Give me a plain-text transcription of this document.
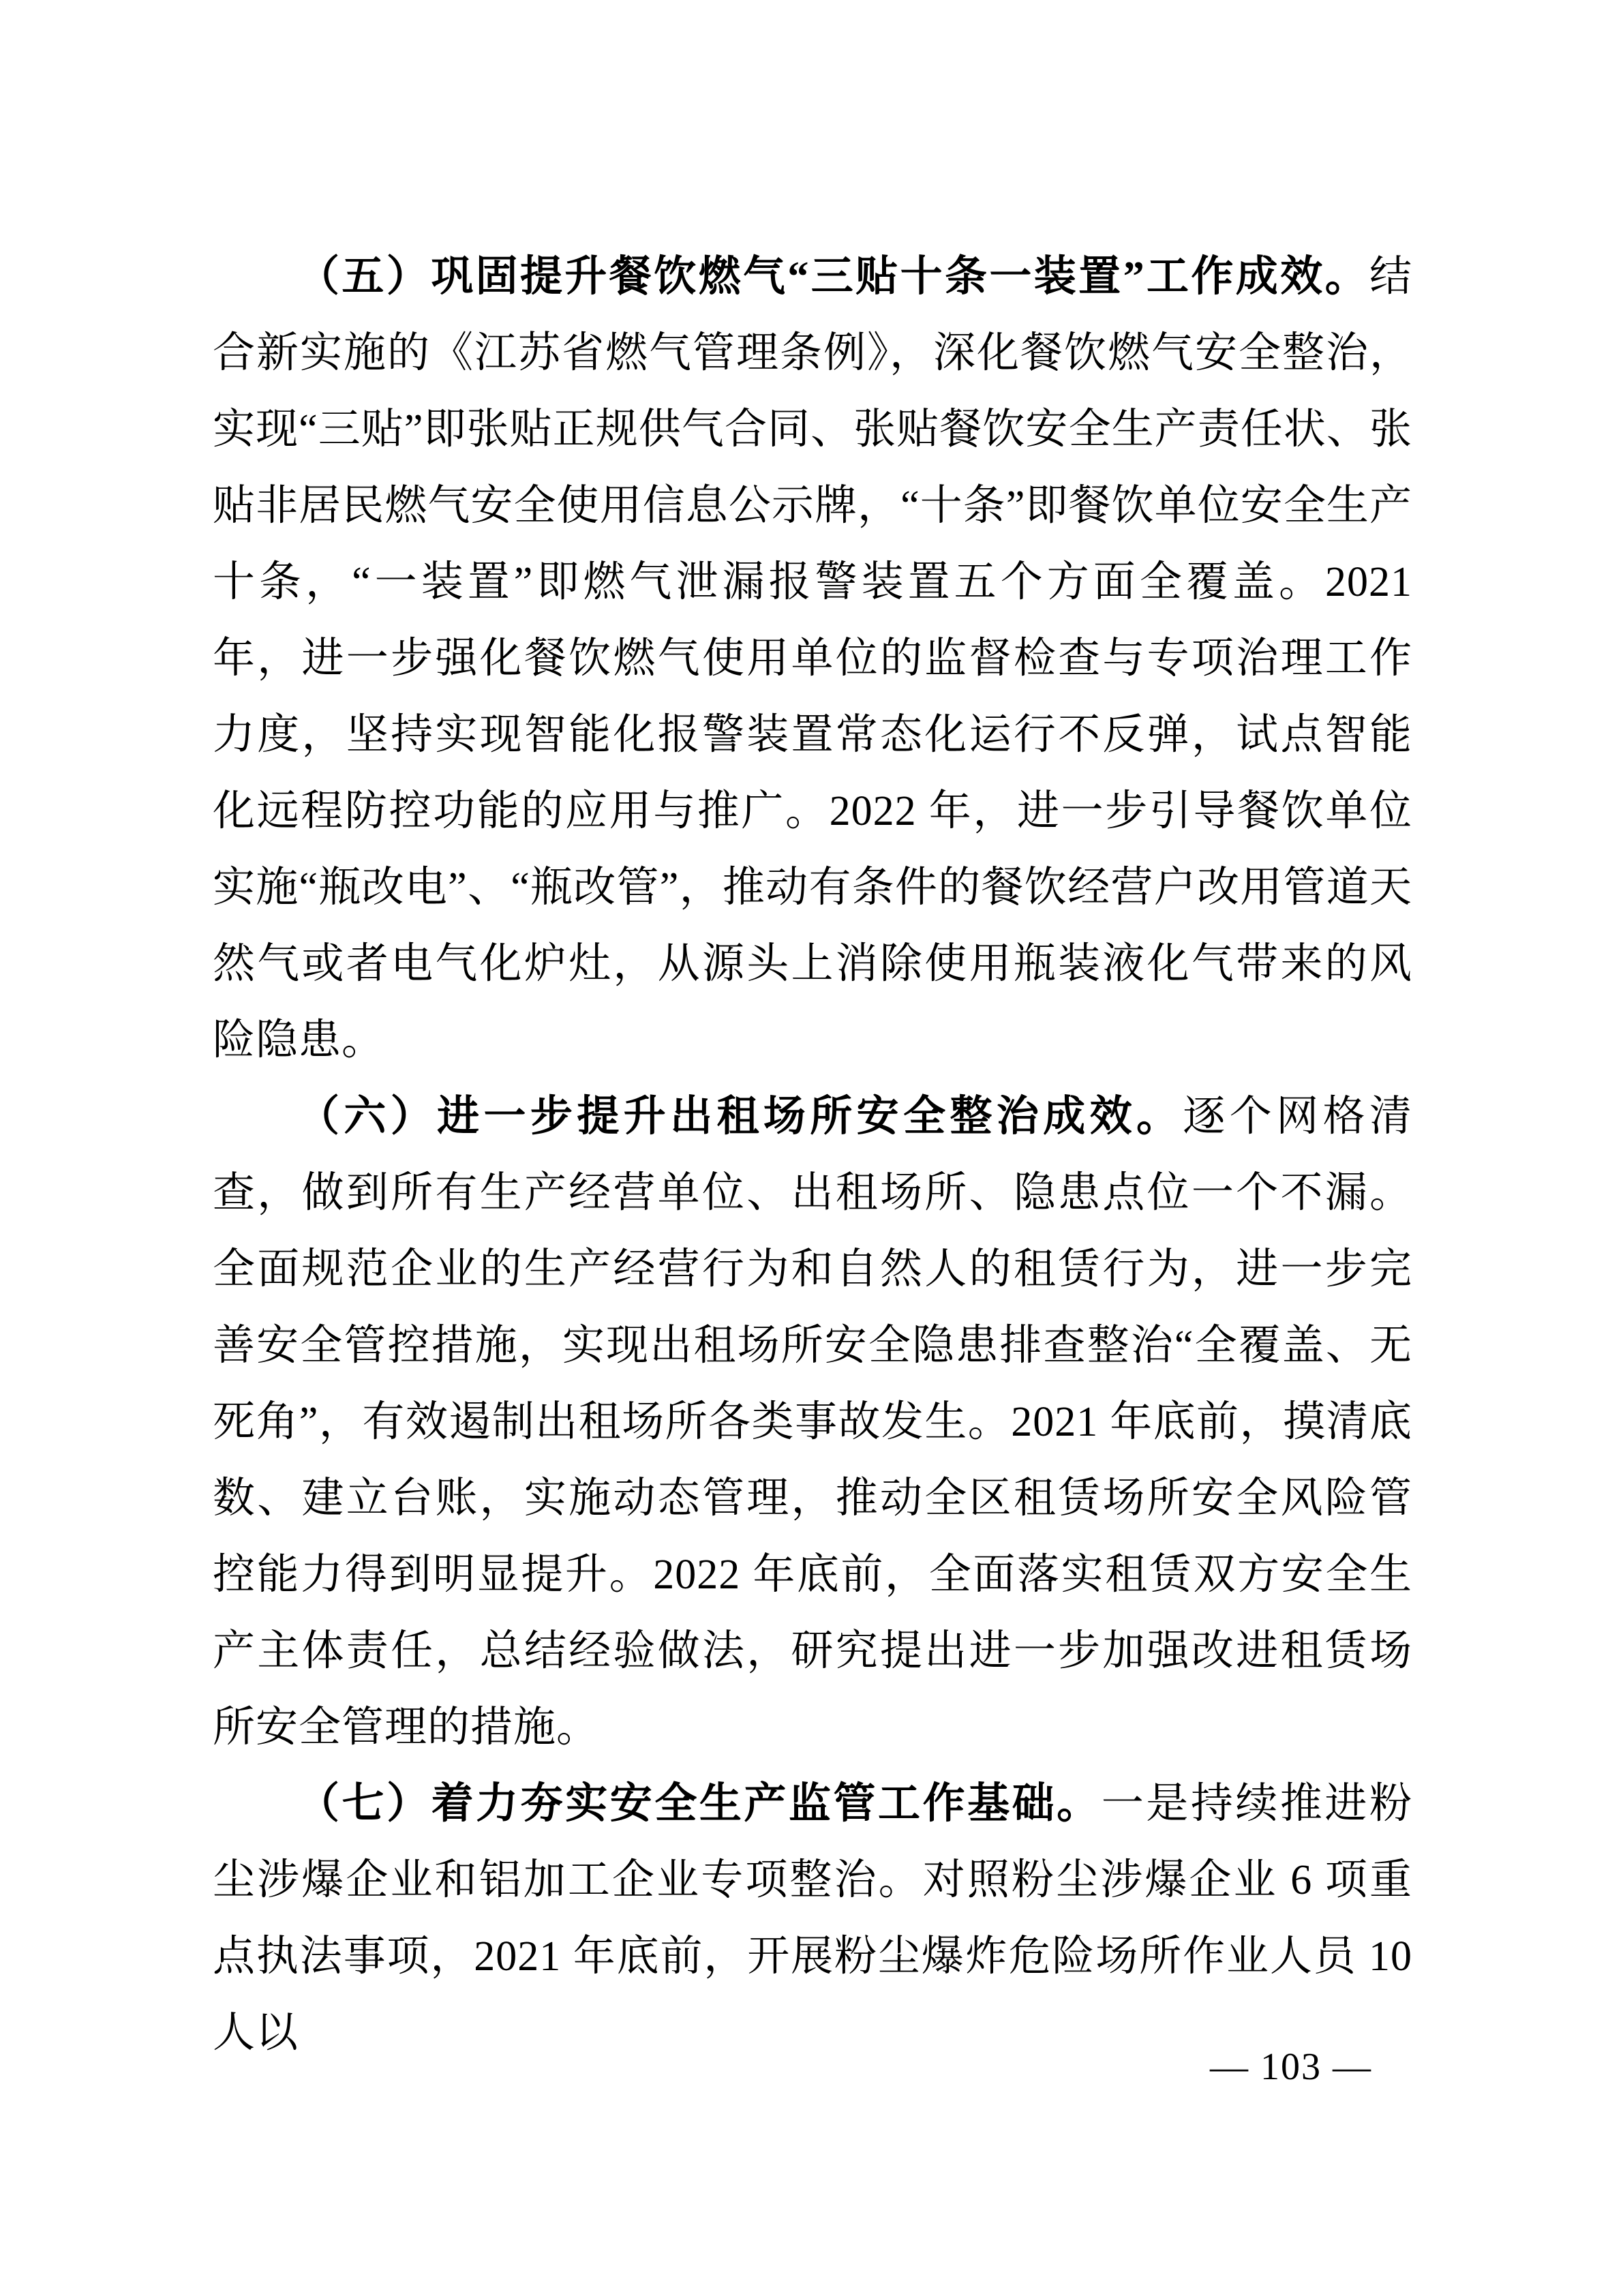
（五）巩固提升餐饮燃气“三贴十条一装置”工作成效。结合新实施的《江苏省燃气管理条例》，深化餐饮燃气安全整治，实现“三贴”即张贴正规供气合同、张贴餐饮安全生产责任状、张贴非居民燃气安全使用信息公示牌，“十条”即餐饮单位安全生产十条，“一装置”即燃气泄漏报警装置五个方面全覆盖。2021 年，进一步强化餐饮燃气使用单位的监督检查与专项治理工作力度，坚持实现智能化报警装置常态化运行不反弹，试点智能化远程防控功能的应用与推广。2022 年，进一步引导餐饮单位实施“瓶改电”、“瓶改管”，推动有条件的餐饮经营户改用管道天然气或者电气化炉灶，从源头上消除使用瓶装液化气带来的风险隐患。

（六）进一步提升出租场所安全整治成效。逐个网格清查，做到所有生产经营单位、出租场所、隐患点位一个不漏。全面规范企业的生产经营行为和自然人的租赁行为，进一步完善安全管控措施，实现出租场所安全隐患排查整治“全覆盖、无死角”，有效遏制出租场所各类事故发生。2021 年底前，摸清底数、建立台账，实施动态管理，推动全区租赁场所安全风险管控能力得到明显提升。2022 年底前，全面落实租赁双方安全生产主体责任，总结经验做法，研究提出进一步加强改进租赁场所安全管理的措施。

（七）着力夯实安全生产监管工作基础。一是持续推进粉尘涉爆企业和铝加工企业专项整治。对照粉尘涉爆企业 6 项重点执法事项，2021 年底前，开展粉尘爆炸危险场所作业人员 10 人以

— 103 —
